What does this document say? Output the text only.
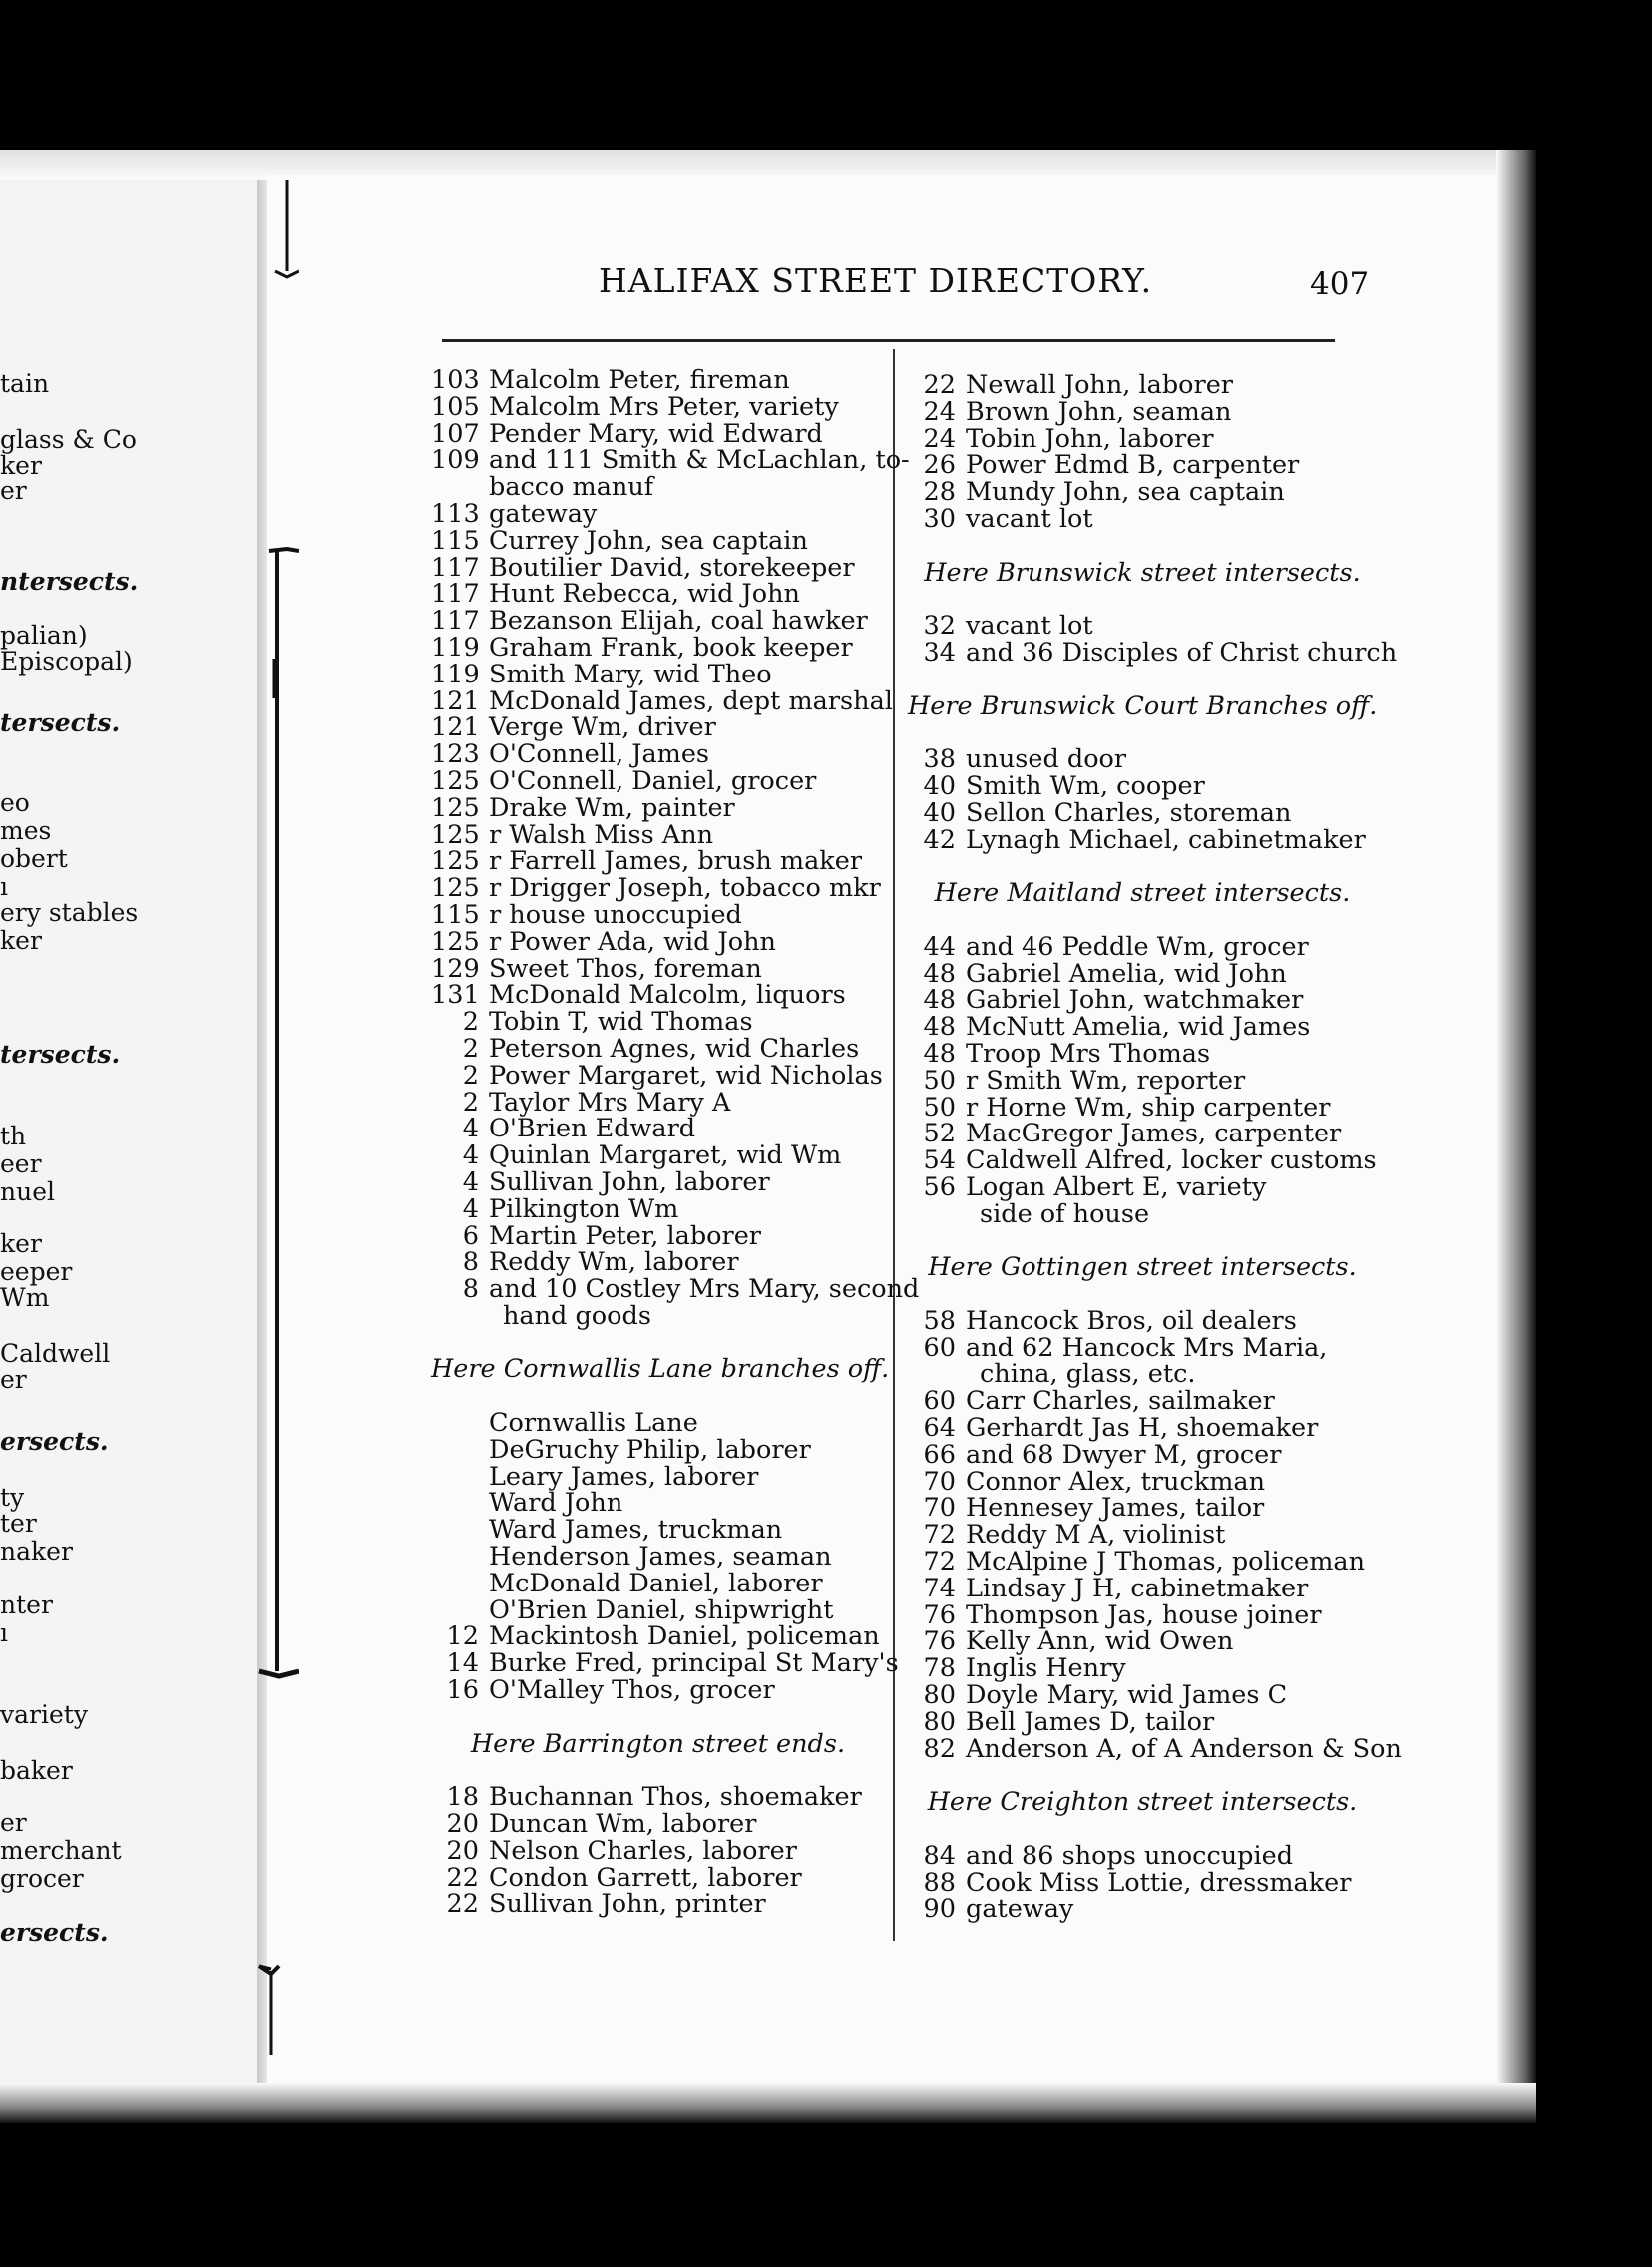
tain
glass & Co
ker
er
ntersects.
palian)
Episcopal)
tersects.
eo
mes
obert
ı
ery stables
ker
tersects.
th
eer
nuel
ker
eeper
Wm
Caldwell
er
ersects.
ty
ter
naker
nter
ı
variety
baker
er
merchant
grocer
ersects.
HALIFAX STREET DIRECTORY.	407
103 Malcolm Peter, fireman
105 Malcolm Mrs Peter, variety
107 Pender Mary, wid Edward
109 and 111 Smith & McLachlan, to-
bacco manuf
113 gateway
115 Currey John, sea captain
117 Boutilier David, storekeeper
117 Hunt Rebecca, wid John
117 Bezanson Elijah, coal hawker
119 Graham Frank, book keeper
119 Smith Mary, wid Theo
121 McDonald James, dept marshal
121 Verge Wm, driver
123 O'Connell, James
125 O'Connell, Daniel, grocer
125 Drake Wm, painter
125 r Walsh Miss Ann
125 r Farrell James, brush maker
125 r Drigger Joseph, tobacco mkr
115 r house unoccupied
125 r Power Ada, wid John
129 Sweet Thos, foreman
131 McDonald Malcolm, liquors
2 Tobin T, wid Thomas
2 Peterson Agnes, wid Charles
2 Power Margaret, wid Nicholas
2 Taylor Mrs Mary A
4 O'Brien Edward
4 Quinlan Margaret, wid Wm
4 Sullivan John, laborer
4 Pilkington Wm
6 Martin Peter, laborer
8 Reddy Wm, laborer
8 and 10 Costley Mrs Mary, second
hand goods
Here Cornwallis Lane branches off.
Cornwallis Lane
DeGruchy Philip, laborer
Leary James, laborer
Ward John
Ward James, truckman
Henderson James, seaman
McDonald Daniel, laborer
O'Brien Daniel, shipwright
12 Mackintosh Daniel, policeman
14 Burke Fred, principal St Mary's
16 O'Malley Thos, grocer
Here Barrington street ends.
18 Buchannan Thos, shoemaker
20 Duncan Wm, laborer
20 Nelson Charles, laborer
22 Condon Garrett, laborer
22 Sullivan John, printer
22 Newall John, laborer
24 Brown John, seaman
24 Tobin John, laborer
26 Power Edmd B, carpenter
28 Mundy John, sea captain
30 vacant lot
Here Brunswick street intersects.
32 vacant lot
34 and 36 Disciples of Christ church
Here Brunswick Court Branches off.
38 unused door
40 Smith Wm, cooper
40 Sellon Charles, storeman
42 Lynagh Michael, cabinetmaker
Here Maitland street intersects.
44 and 46 Peddle Wm, grocer
48 Gabriel Amelia, wid John
48 Gabriel John, watchmaker
48 McNutt Amelia, wid James
48 Troop Mrs Thomas
50 r Smith Wm, reporter
50 r Horne Wm, ship carpenter
52 MacGregor James, carpenter
54 Caldwell Alfred, locker customs
56 Logan Albert E, variety
side of house
Here Gottingen street intersects.
58 Hancock Bros, oil dealers
60 and 62 Hancock Mrs Maria,
china, glass, etc.
60 Carr Charles, sailmaker
64 Gerhardt Jas H, shoemaker
66 and 68 Dwyer M, grocer
70 Connor Alex, truckman
70 Hennesey James, tailor
72 Reddy M A, violinist
72 McAlpine J Thomas, policeman
74 Lindsay J H, cabinetmaker
76 Thompson Jas, house joiner
76 Kelly Ann, wid Owen
78 Inglis Henry
80 Doyle Mary, wid James C
80 Bell James D, tailor
82 Anderson A, of A Anderson & Son
Here Creighton street intersects.
84 and 86 shops unoccupied
88 Cook Miss Lottie, dressmaker
90 gateway
